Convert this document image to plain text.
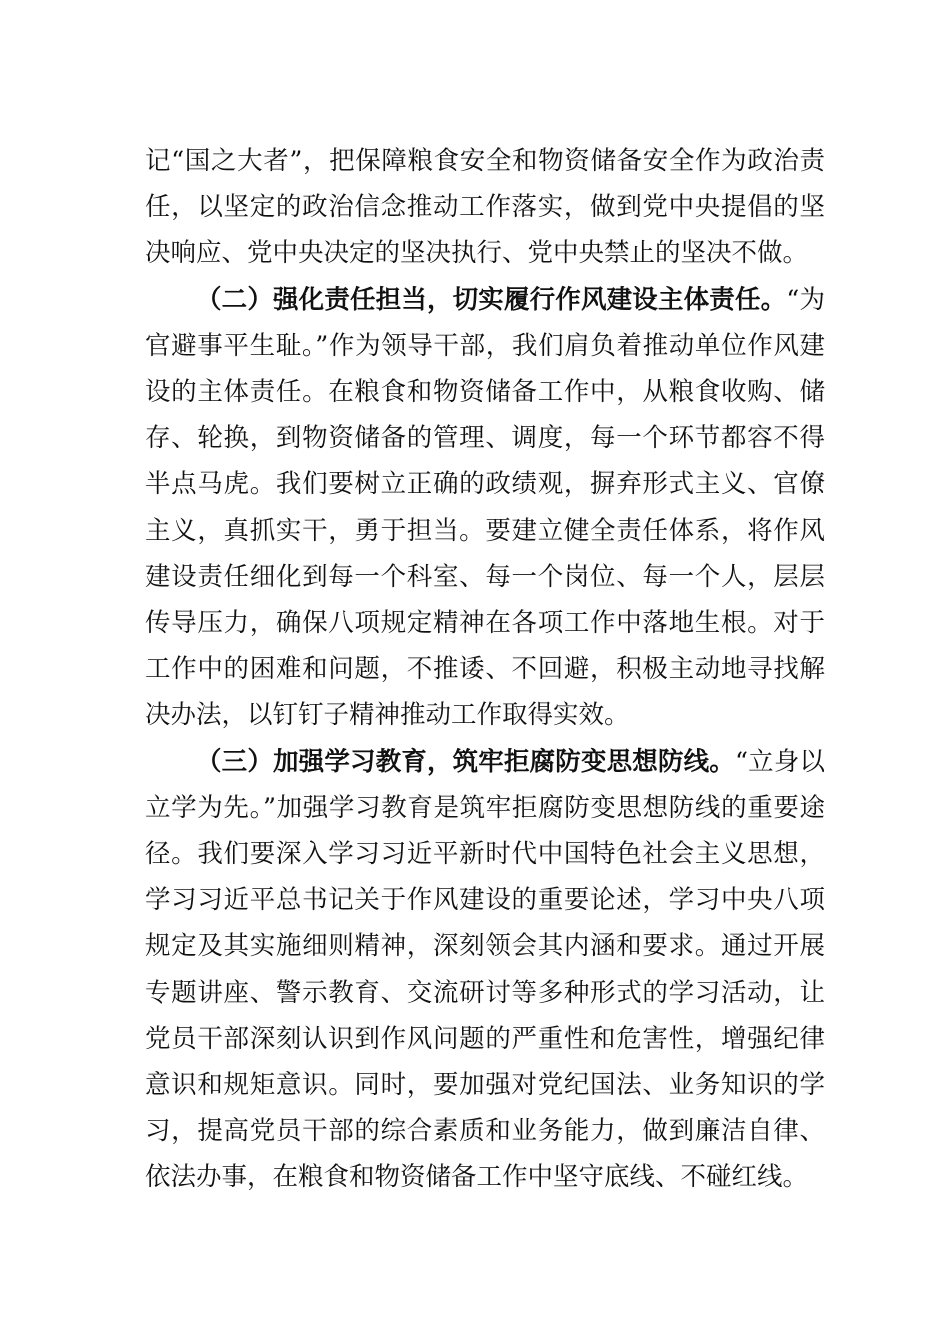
记“国之大者”，把保障粮食安全和物资储备安全作为政治责任，以坚定的政治信念推动工作落实，做到党中央提倡的坚决响应、党中央决定的坚决执行、党中央禁止的坚决不做。

（二）强化责任担当，切实履行作风建设主体责任。“为官避事平生耻。”作为领导干部，我们肩负着推动单位作风建设的主体责任。在粮食和物资储备工作中，从粮食收购、储存、轮换，到物资储备的管理、调度，每一个环节都容不得半点马虎。我们要树立正确的政绩观，摒弃形式主义、官僚主义，真抓实干，勇于担当。要建立健全责任体系，将作风建设责任细化到每一个科室、每一个岗位、每一个人，层层传导压力，确保八项规定精神在各项工作中落地生根。对于工作中的困难和问题，不推诿、不回避，积极主动地寻找解决办法，以钉钉子精神推动工作取得实效。

（三）加强学习教育，筑牢拒腐防变思想防线。“立身以立学为先。”加强学习教育是筑牢拒腐防变思想防线的重要途径。我们要深入学习习近平新时代中国特色社会主义思想，学习习近平总书记关于作风建设的重要论述，学习中央八项规定及其实施细则精神，深刻领会其内涵和要求。通过开展专题讲座、警示教育、交流研讨等多种形式的学习活动，让党员干部深刻认识到作风问题的严重性和危害性，增强纪律意识和规矩意识。同时，要加强对党纪国法、业务知识的学习，提高党员干部的综合素质和业务能力，做到廉洁自律、依法办事，在粮食和物资储备工作中坚守底线、不碰红线。
